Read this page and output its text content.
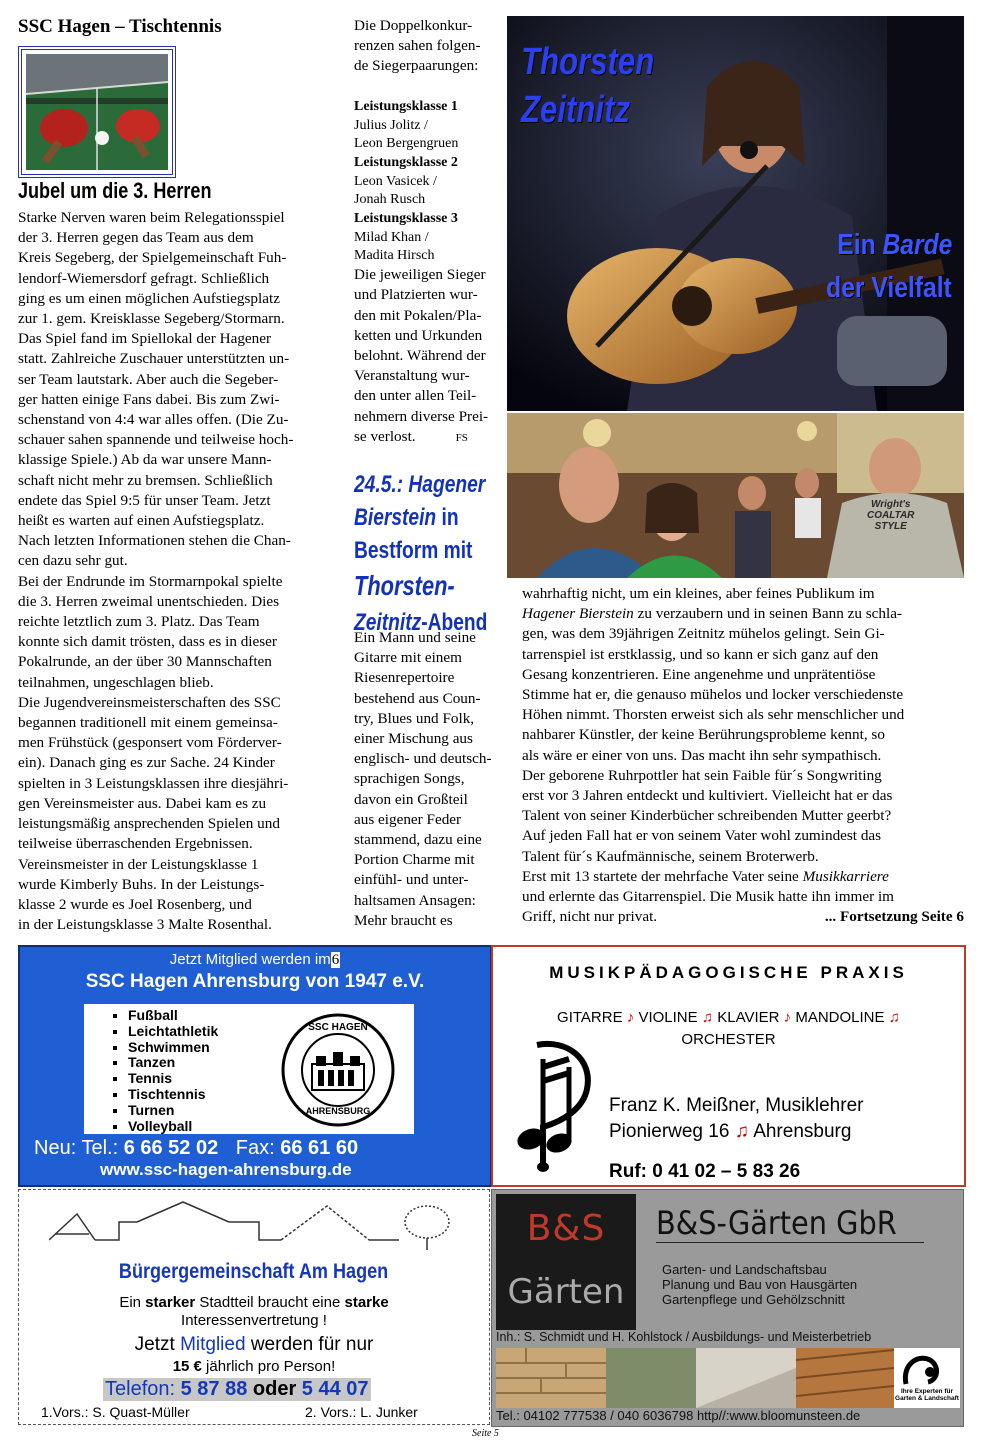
SSC Hagen – Tischtennis
Jubel um die 3. Herren
Starke Nerven waren beim Relegationsspiel
der 3. Herren gegen das Team aus dem
Kreis Segeberg, der Spielgemeinschaft Fuh-
lendorf-Wiemersdorf gefragt. Schließlich
ging es um einen möglichen Aufstiegsplatz
zur 1. gem. Kreisklasse Segeberg/Stormarn.
Das Spiel fand im Spiellokal der Hagener
statt. Zahlreiche Zuschauer unterstützten un-
ser Team lautstark. Aber auch die Segeber-
ger hatten einige Fans dabei. Bis zum Zwi-
schenstand von 4:4 war alles offen. (Die Zu-
schauer sahen spannende und teilweise hoch-
klassige Spiele.) Ab da war unsere Mann-
schaft nicht mehr zu bremsen. Schließlich
endete das Spiel 9:5 für unser Team. Jetzt
heißt es warten auf einen Aufstiegsplatz.
Nach letzten Informationen stehen die Chan-
cen dazu sehr gut.
Bei der Endrunde im Stormarnpokal spielte
die 3. Herren zweimal unentschieden. Dies
reichte letztlich zum 3. Platz. Das Team
konnte sich damit trösten, dass es in dieser
Pokalrunde, an der über 30 Mannschaften
teilnahmen, ungeschlagen blieb.
Die Jugendvereinsmeisterschaften des SSC
begannen traditionell mit einem gemeinsa-
men Frühstück (gesponsert vom Förderver-
ein). Danach ging es zur Sache. 24 Kinder
spielten in 3 Leistungsklassen ihre diesjähri-
gen Vereinsmeister aus. Dabei kam es zu
leistungsmäßig ansprechenden Spielen und
teilweise überraschenden Ergebnissen.
Vereinsmeister in der Leistungsklasse 1
wurde Kimberly Buhs. In der Leistungs-
klasse 2 wurde es Joel Rosenberg, und
in der Leistungsklasse 3 Malte Rosenthal.
Die Doppelkonkur-
renzen sahen folgen-
de Siegerpaarungen:
Leistungsklasse 1
Julius Jolitz /
Leon Bergengruen
Leistungsklasse 2
Leon Vasicek /
Jonah Rusch
Leistungsklasse 3
Milad Khan /
Madita Hirsch
Die jeweiligen Sieger
und Platzierten wur-
den mit Pokalen/Pla-
ketten und Urkunden
belohnt. Während der
Veranstaltung wur-
den unter allen Teil-
nehmern diverse Prei-
se verlost.	FS
24.5.: Hagener
Bierstein in
Bestform mit
Thorsten-
Zeitnitz-Abend
Ein Mann und seine
Gitarre mit einem
Riesenrepertoire
bestehend aus Coun-
try, Blues und Folk,
einer Mischung aus
englisch- und deutsch-
sprachigen Songs,
davon ein Großteil
aus eigener Feder
stammend, dazu eine
Portion Charme mit
einfühl- und unter-
haltsamen Ansagen:
Mehr braucht es
Thorsten
Zeitnitz
Ein Barde
der Vielfalt
Wright's
COALTAR
STYLE
wahrhaftig nicht, um ein kleines, aber feines Publikum im
Hagener Bierstein zu verzaubern und in seinen Bann zu schla-
gen, was dem 39jährigen Zeitnitz mühelos gelingt. Sein Gi-
tarrenspiel ist erstklassig, und so kann er sich ganz auf den
Gesang konzentrieren. Eine angenehme und unprätentiöse
Stimme hat er, die genauso mühelos und locker verschiedenste
Höhen nimmt. Thorsten erweist sich als sehr menschlicher und
nahbarer Künstler, der keine Berührungsprobleme kennt, so
als wäre er einer von uns. Das macht ihn sehr sympathisch.
Der geborene Ruhrpottler hat sein Faible für´s Songwriting
erst vor 3 Jahren entdeckt und kultiviert. Vielleicht hat er das
Talent von seiner Kinderbücher schreibenden Mutter geerbt?
Auf jeden Fall hat er von seinem Vater wohl zumindest das
Talent für´s Kaufmännische, seinem Broterwerb.
Erst mit 13 startete der mehrfache Vater seine Musikkarriere
und erlernte das Gitarrenspiel. Die Musik hatte ihn immer im
Griff, nicht nur privat.	... Fortsetzung Seite 6
Jetzt Mitglied werden im6
SSC Hagen Ahrensburg von 1947 e.V.
▪ Fußball
▪ Leichtathletik
▪ Schwimmen
▪ Tanzen
▪ Tennis
▪ Tischtennis
▪ Turnen
▪ Volleyball
SSC HAGEN
AHRENSBURG
Neu: Tel.: 6 66 52 02 Fax: 66 61 60
www.ssc-hagen-ahrensburg.de
MUSIKPÄDAGOGISCHE PRAXIS
GITARRE ♪ VIOLINE ♫ KLAVIER ♪ MANDOLINE ♫
ORCHESTER
Franz K. Meißner, Musiklehrer
Pionierweg 16 ♫ Ahrensburg
Ruf: 0 41 02 – 5 83 26
Bürgergemeinschaft Am Hagen
Ein starker Stadtteil braucht eine starke
Interessenvertretung !
Jetzt Mitglied werden für nur
15 € jährlich pro Person!
Telefon: 5 87 88 oder 5 44 07
1.Vors.: S. Quast-Müller	2. Vors.: L. Junker
B&S
Gärten
B&S-Gärten GbR
Garten- und Landschaftsbau
Planung und Bau von Hausgärten
Gartenpflege und Gehölzschnitt
Inh.: S. Schmidt und H. Kohlstock / Ausbildungs- und Meisterbetrieb
Ihre Experten für
Garten & Landschaft
Tel.: 04102 777538 / 040 6036798 http//:www.bloomunsteen.de
Seite 5
